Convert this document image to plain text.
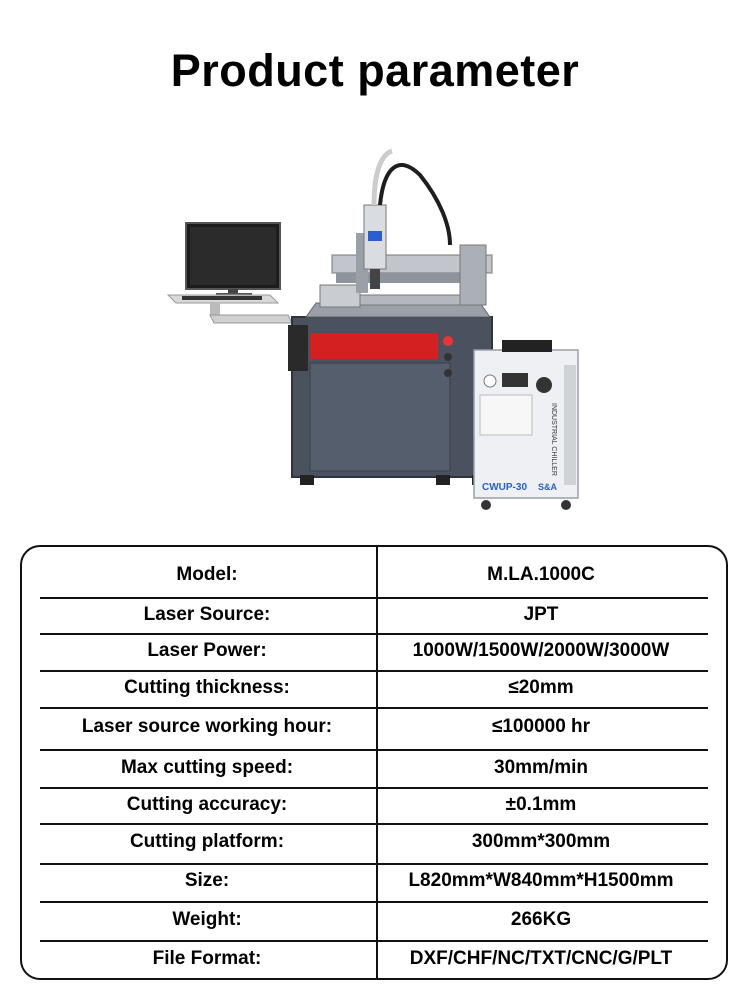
Product parameter
INDUSTRIAL CHILLER
CWUP-30 S&A
Model:	M.LA.1000C
Laser Source:	JPT
Laser Power:	1000W/1500W/2000W/3000W
Cutting thickness:	≤20mm
Laser source working hour:	≤100000 hr
Max cutting speed:	30mm/min
Cutting accuracy:	±0.1mm
Cutting platform:	300mm*300mm
Size:	L820mm*W840mm*H1500mm
Weight:	266KG
File Format:	DXF/CHF/NC/TXT/CNC/G/PLT
